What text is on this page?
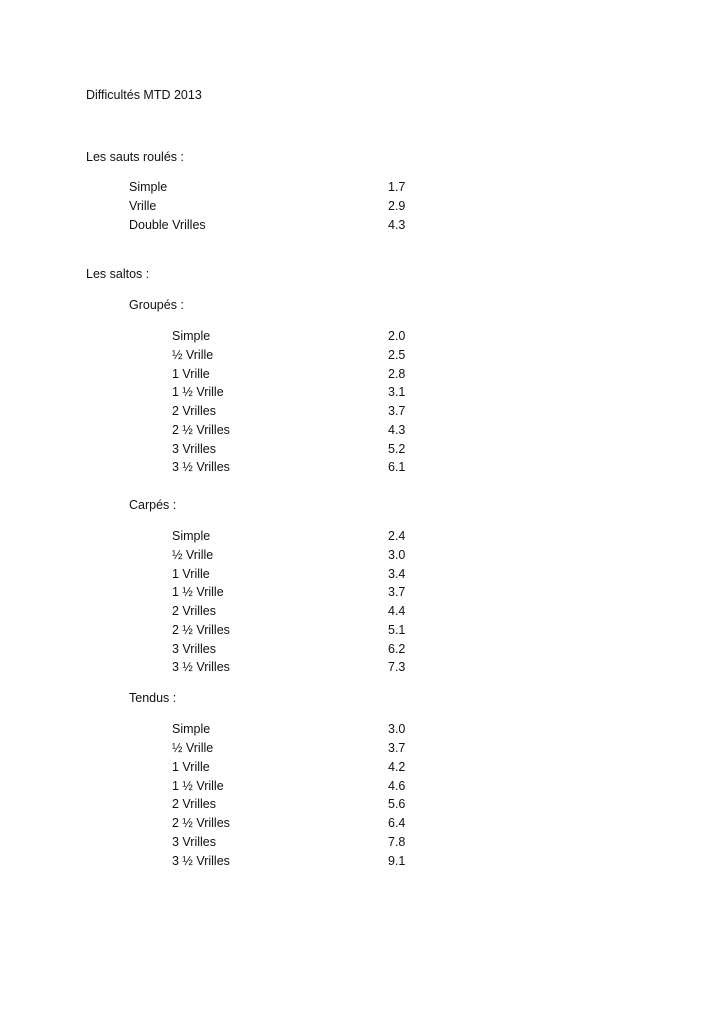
Difficultés MTD 2013
Les sauts roulés :
Simple	1.7
Vrille	2.9
Double Vrilles	4.3
Les saltos :
Groupés :
Simple	2.0
½ Vrille	2.5
1 Vrille	2.8
1 ½ Vrille	3.1
2 Vrilles	3.7
2 ½ Vrilles	4.3
3 Vrilles	5.2
3 ½ Vrilles	6.1
Carpés :
Simple	2.4
½ Vrille	3.0
1 Vrille	3.4
1 ½ Vrille	3.7
2 Vrilles	4.4
2 ½ Vrilles	5.1
3 Vrilles	6.2
3 ½ Vrilles	7.3
Tendus :
Simple	3.0
½ Vrille	3.7
1 Vrille	4.2
1 ½ Vrille	4.6
2 Vrilles	5.6
2 ½ Vrilles	6.4
3 Vrilles	7.8
3 ½ Vrilles	9.1
